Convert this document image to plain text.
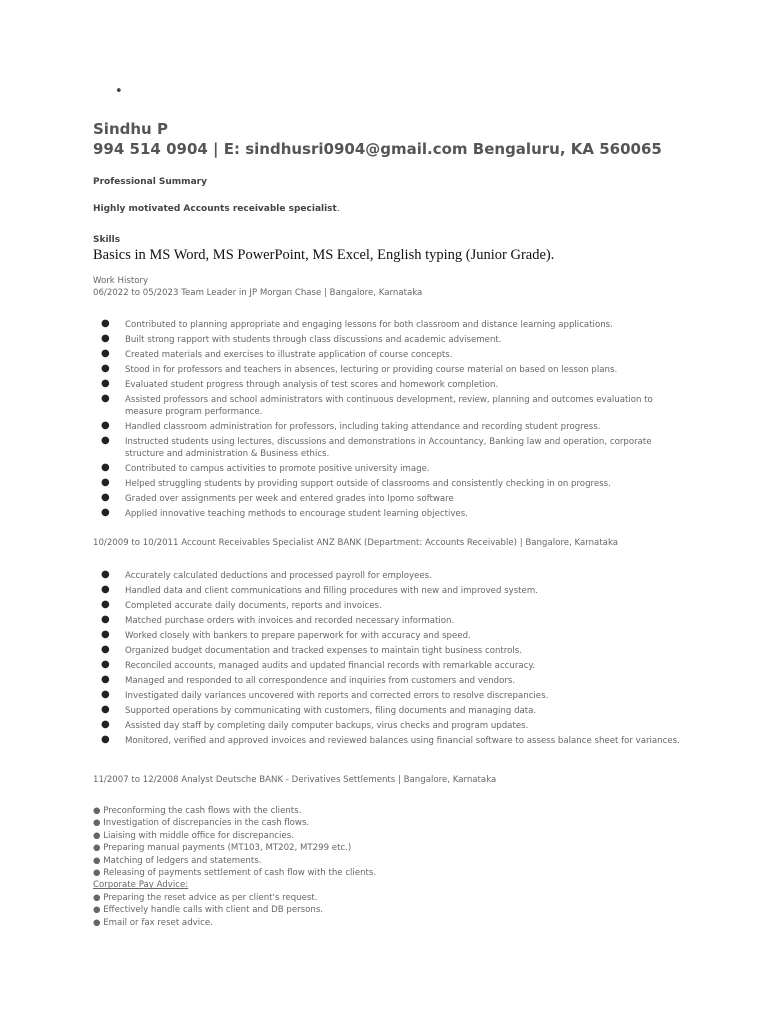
•
Sindhu P
994 514 0904 | E: sindhusri0904@gmail.com Bengaluru, KA 560065
Professional Summary
Highly motivated Accounts receivable specialist.
Skills
Basics in MS Word, MS PowerPoint, MS Excel, English typing (Junior Grade).
Work History
06/2022 to 05/2023 Team Leader in JP Morgan Chase | Bangalore, Karnataka
● Contributed to planning appropriate and engaging lessons for both classroom and distance learning applications.
● Built strong rapport with students through class discussions and academic advisement.
● Created materials and exercises to illustrate application of course concepts.
● Stood in for professors and teachers in absences, lecturing or providing course material on based on lesson plans.
● Evaluated student progress through analysis of test scores and homework completion.
● Assisted professors and school administrators with continuous development, review, planning and outcomes evaluation to measure program performance.
● Handled classroom administration for professors, including taking attendance and recording student progress.
● Instructed students using lectures, discussions and demonstrations in Accountancy, Banking law and operation, corporate structure and administration & Business ethics.
● Contributed to campus activities to promote positive university image.
● Helped struggling students by providing support outside of classrooms and consistently checking in on progress.
● Graded over assignments per week and entered grades into Ipomo software
● Applied innovative teaching methods to encourage student learning objectives.
10/2009 to 10/2011 Account Receivables Specialist ANZ BANK (Department: Accounts Receivable) | Bangalore, Karnataka
● Accurately calculated deductions and processed payroll for employees.
● Handled data and client communications and filling procedures with new and improved system.
● Completed accurate daily documents, reports and invoices.
● Matched purchase orders with invoices and recorded necessary information.
● Worked closely with bankers to prepare paperwork for with accuracy and speed.
● Organized budget documentation and tracked expenses to maintain tight business controls.
● Reconciled accounts, managed audits and updated financial records with remarkable accuracy.
● Managed and responded to all correspondence and inquiries from customers and vendors.
● Investigated daily variances uncovered with reports and corrected errors to resolve discrepancies.
● Supported operations by communicating with customers, filing documents and managing data.
● Assisted day staff by completing daily computer backups, virus checks and program updates.
● Monitored, verified and approved invoices and reviewed balances using financial software to assess balance sheet for variances.
11/2007 to 12/2008 Analyst Deutsche BANK - Derivatives Settlements | Bangalore, Karnataka
● Preconforming the cash flows with the clients.
● Investigation of discrepancies in the cash flows.
● Liaising with middle office for discrepancies.
● Preparing manual payments (MT103, MT202, MT299 etc.)
● Matching of ledgers and statements.
● Releasing of payments settlement of cash flow with the clients.
Corporate Pay Advice:
● Preparing the reset advice as per client's request.
● Effectively handle calls with client and DB persons.
● Email or fax reset advice.
